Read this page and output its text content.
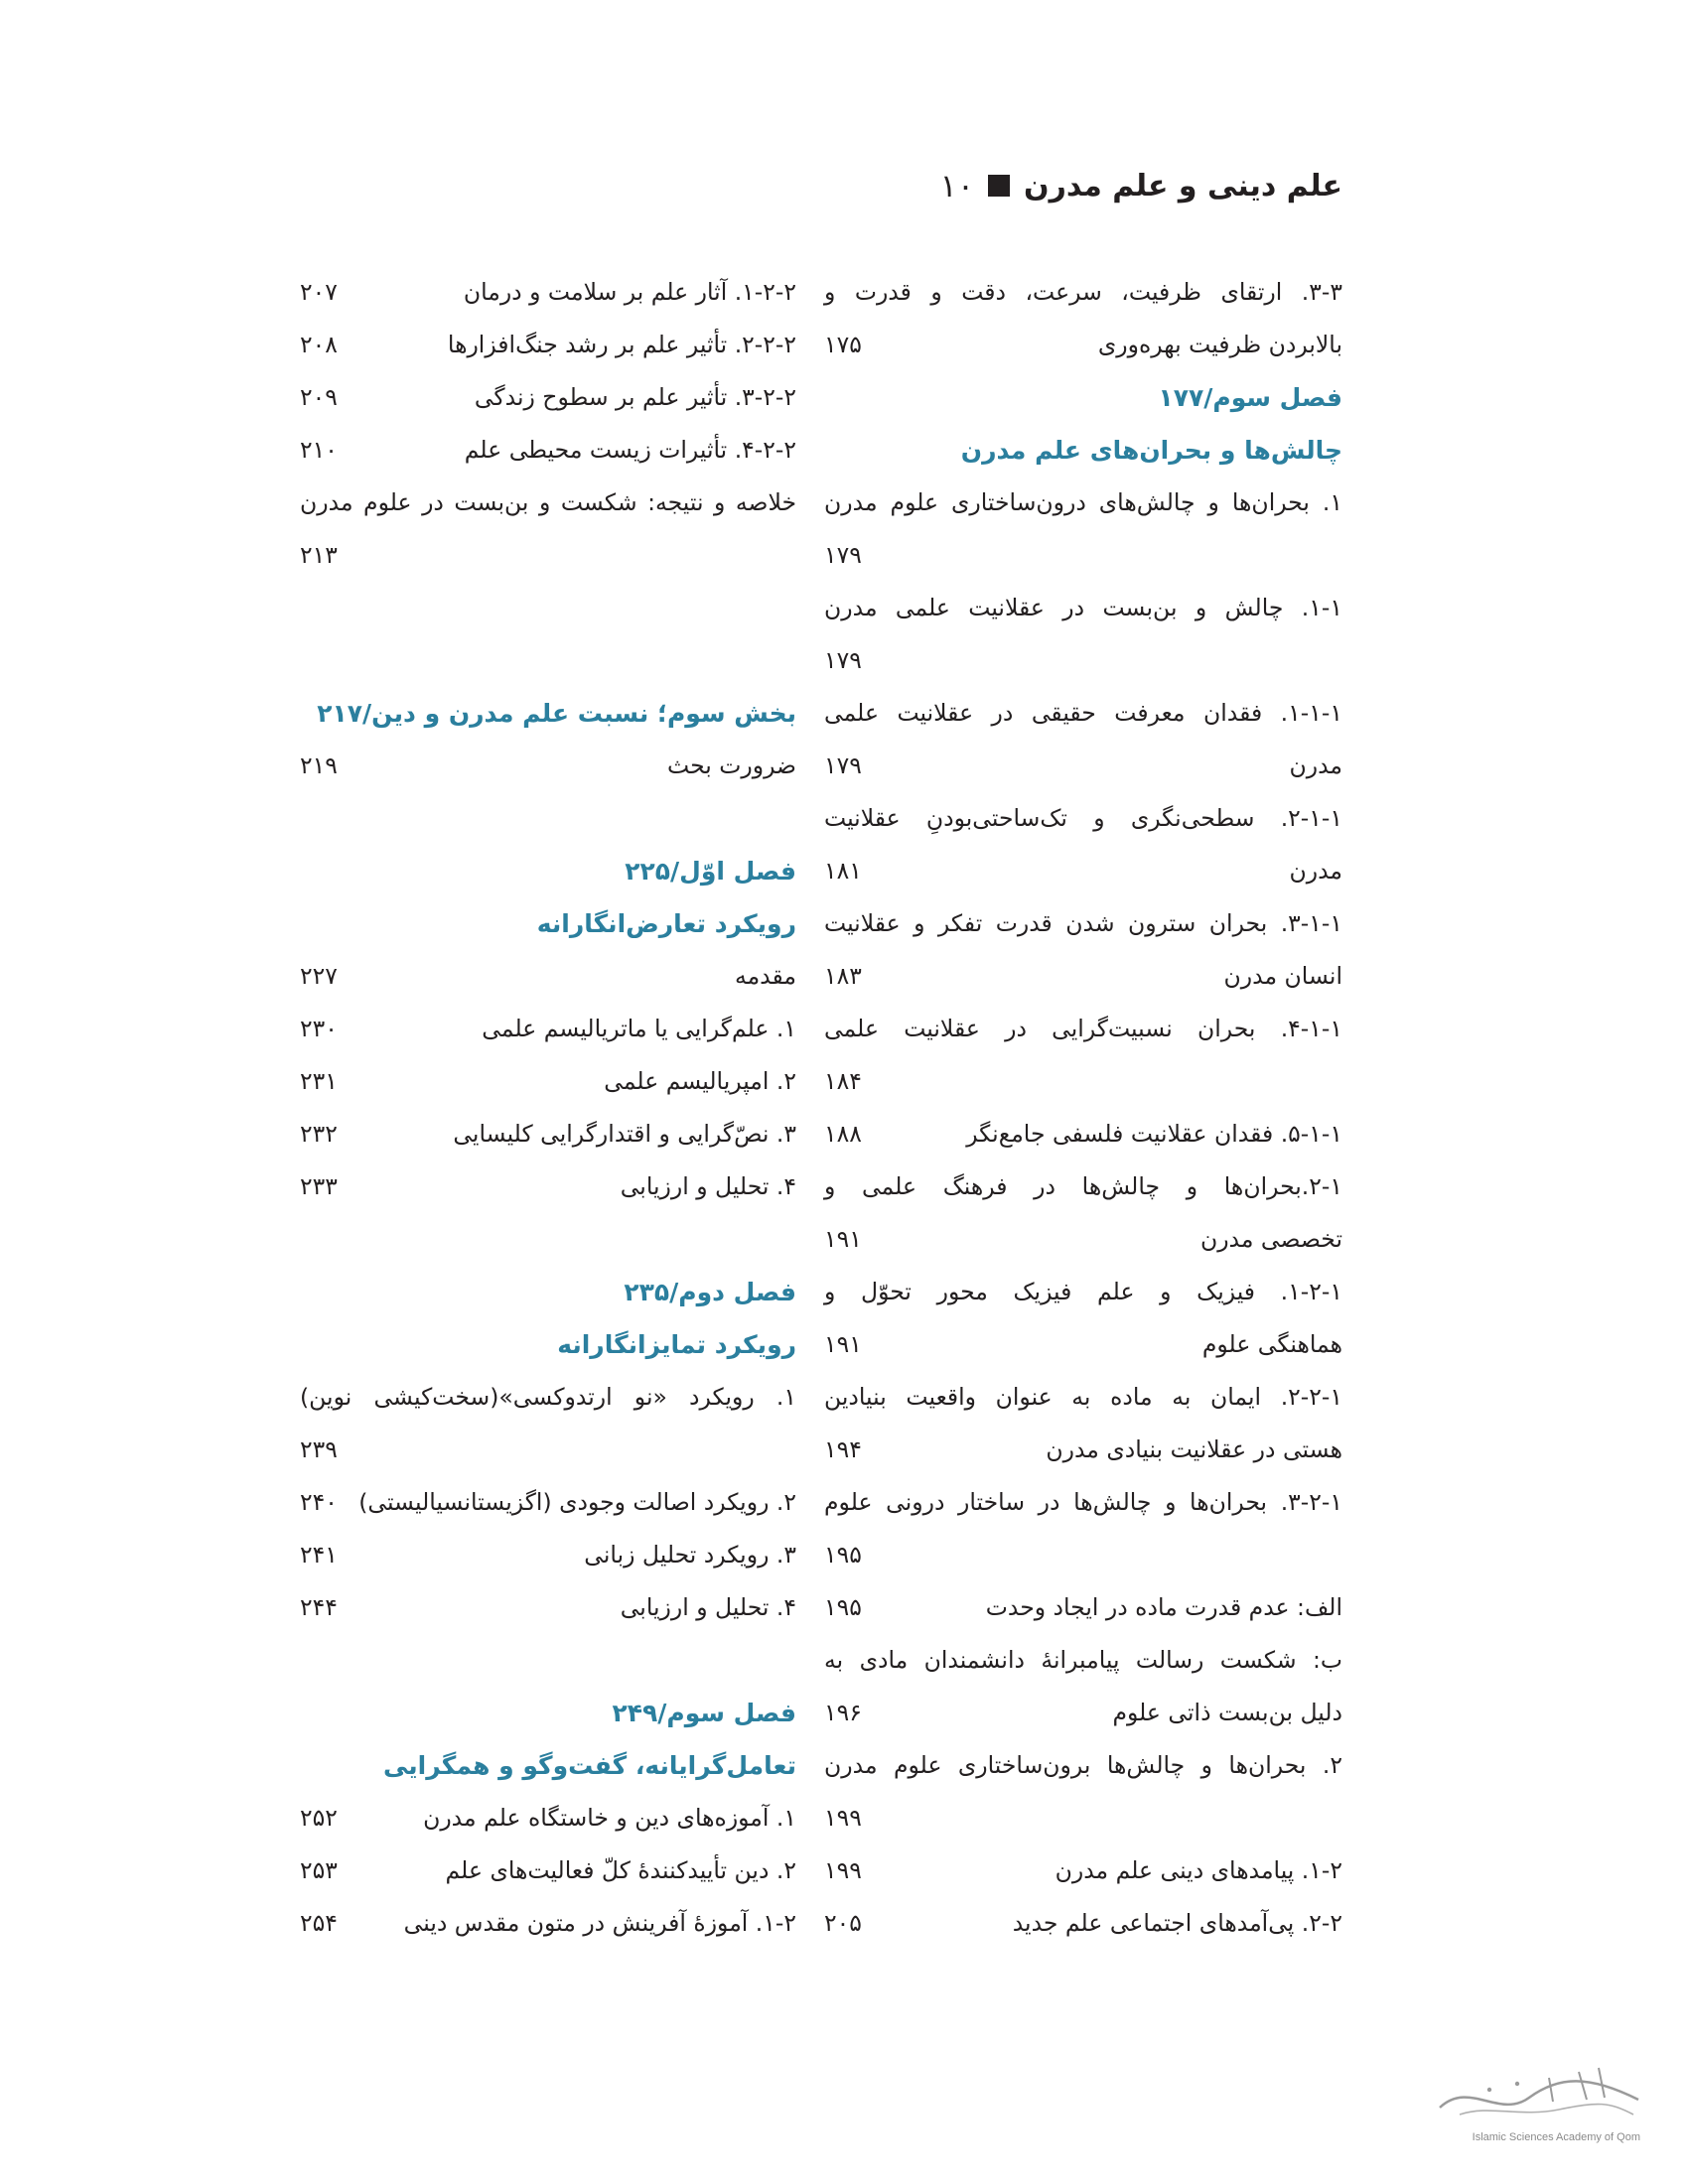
۱۰ علم دینی و علم مدرن
۳-۳. ارتقای ظرفیت، سرعت، دقت و قدرت و
بالابردن ظرفیت بهره‌وری
۱۷۵
فصل سوم/۱۷۷
چالش‌ها و بحران‌های علم مدرن
۱. بحران‌ها و چالش‌های درون‌ساختاری علوم مدرن
۱۷۹
۱-۱. چالش و بن‌بست در عقلانیت علمی مدرن
۱۷۹
۱-۱-۱. فقدان معرفت حقیقی در عقلانیت علمی
مدرن
۱۷۹
۲-۱-۱. سطحی‌نگری و تک‌ساحتی‌بودنِ عقلانیت
مدرن
۱۸۱
۳-۱-۱. بحران سترون شدن قدرت تفکر و عقلانیت
انسان مدرن
۱۸۳
۴-۱-۱. بحران نسبیت‌گرایی در عقلانیت علمی
۱۸۴
۵-۱-۱. فقدان عقلانیت فلسفی جامع‌نگر
۱۸۸
۲-۱.بحران‌ها و چالش‌ها در فرهنگ علمی و
تخصصی مدرن
۱۹۱
۱-۲-۱. فیزیک و علم فیزیک محور تحوّل و
هماهنگی علوم
۱۹۱
۲-۲-۱. ایمان به ماده به عنوان واقعیت بنیادین
هستی در عقلانیت بنیادی مدرن
۱۹۴
۳-۲-۱. بحران‌ها و چالش‌ها در ساختار درونی علوم
۱۹۵
الف: عدم قدرت ماده در ایجاد وحدت
۱۹۵
ب: شکست رسالت پیامبرانۀ دانشمندان مادی به
دلیل بن‌بست ذاتی علوم
۱۹۶
۲. بحران‌ها و چالش‌ها برون‌ساختاری علوم مدرن
۱۹۹
۱-۲. پیامدهای دینی علم مدرن
۱۹۹
۲-۲. پی‌آمدهای اجتماعی علم جدید
۲۰۵
۱-۲-۲. آثار علم بر سلامت و درمان
۲۰۷
۲-۲-۲. تأثیر علم بر رشد جنگ‌افزارها
۲۰۸
۳-۲-۲. تأثیر علم بر سطوح زندگی
۲۰۹
۴-۲-۲. تأثیرات زیست محیطی علم
۲۱۰
خلاصه و نتیجه: شکست و بن‌بست در علوم مدرن
۲۱۳
بخش سوم؛ نسبت علم مدرن و دین/۲۱۷
ضرورت بحث
۲۱۹
فصل اوّل/۲۲۵
رویکرد تعارض‌انگارانه
مقدمه
۲۲۷
۱. علم‌گرایی یا ماتریالیسم علمی
۲۳۰
۲. امپریالیسم علمی
۲۳۱
۳. نصّ‌گرایی و اقتدارگرایی کلیسایی
۲۳۲
۴. تحلیل و ارزیابی
۲۳۳
فصل دوم/۲۳۵
رویکرد تمایزانگارانه
۱. رویکرد «نو ارتدوکسی»(سخت‌کیشی نوین)
۲۳۹
۲. رویکرد اصالت وجودی (اگزیستانسیالیستی)
۲۴۰
۳. رویکرد تحلیل زبانی
۲۴۱
۴. تحلیل و ارزیابی
۲۴۴
فصل سوم/۲۴۹
تعامل‌گرایانه، گفت‌وگو و همگرایی
۱. آموزه‌های دین و خاستگاه علم مدرن
۲۵۲
۲. دین تأییدکنندۀ کلّ فعالیت‌های علم
۲۵۳
۱-۲. آموزۀ آفرینش در متون مقدس دینی
۲۵۴
Islamic Sciences Academy of Qom
